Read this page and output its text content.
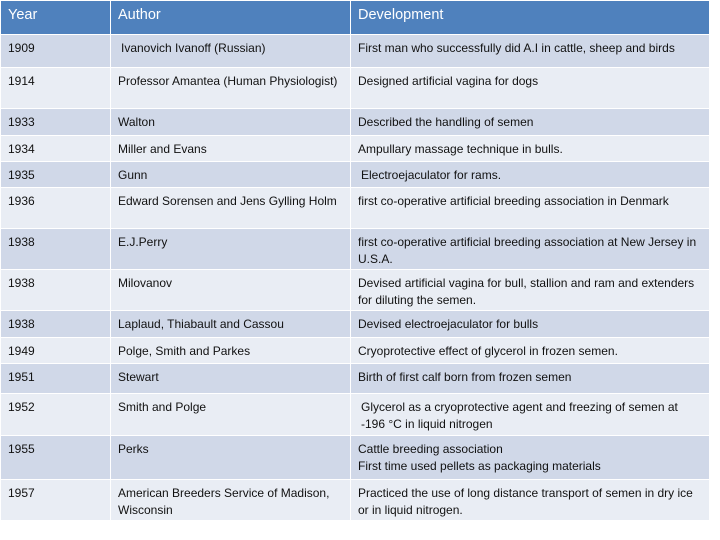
Year	Author	Development
1909	Ivanovich Ivanoff (Russian)	First man who successfully did A.I in cattle, sheep and birds
1914	Professor Amantea (Human Physiologist)	Designed artificial vagina for dogs
1933	Walton	Described the handling of semen
1934	Miller and Evans	Ampullary massage technique in bulls.
1935	Gunn	Electroejaculator for rams.
1936	Edward Sorensen and Jens Gylling Holm	first co-operative artificial breeding association in Denmark
1938	E.J.Perry	first co-operative artificial breeding association at New Jersey in U.S.A.
1938	Milovanov	Devised artificial vagina for bull, stallion and ram and extenders for diluting the semen.
1938	Laplaud, Thiabault and Cassou	Devised electroejaculator for bulls
1949	Polge, Smith and Parkes	Cryoprotective effect of glycerol in frozen semen.
1951	Stewart	Birth of first calf born from frozen semen
1952	Smith and Polge	Glycerol as a cryoprotective agent and freezing of semen at -196 °C in liquid nitrogen
1955	Perks	Cattle breeding association
First time used pellets as packaging materials
1957	American Breeders Service of Madison, Wisconsin	Practiced the use of long distance transport of semen in dry ice or in liquid nitrogen.
